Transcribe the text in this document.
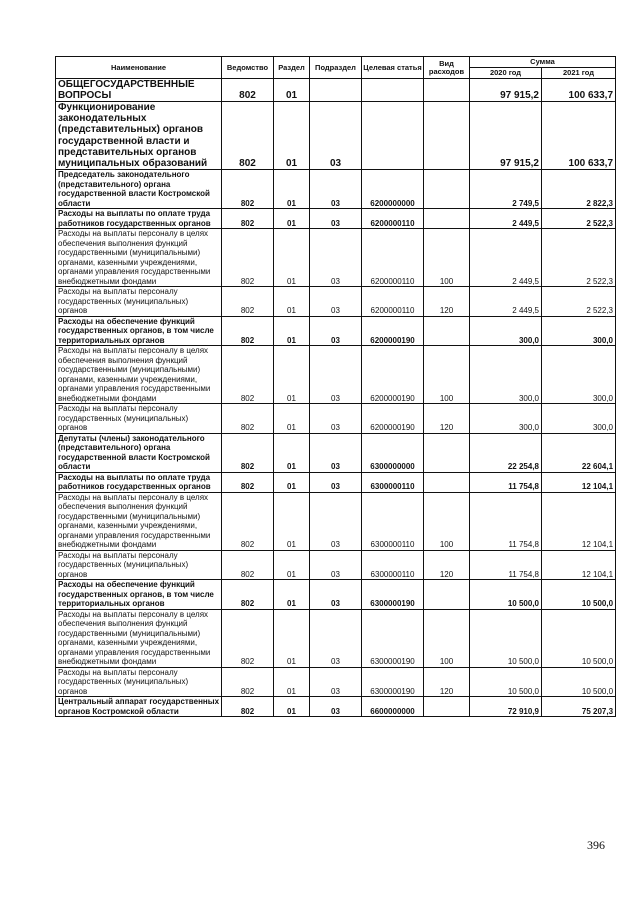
Наименование	Ведомство	Раздел	Подраздел	Целевая статья	Вид расходов	Сумма	
						2020 год	2021 год
ОБЩЕГОСУДАРСТВЕННЫЕ ВОПРОСЫ	802	01				97 915,2	100 633,7
Функционирование законодательных (представительных) органов государственной власти и представительных органов муниципальных образований	802	01	03			97 915,2	100 633,7
Председатель законодательного (представительного) органа государственной власти Костромской области	802	01	03	6200000000		2 749,5	2 822,3
Расходы на выплаты по оплате труда работников государственных органов	802	01	03	6200000110		2 449,5	2 522,3
Расходы на выплаты персоналу в целях обеспечения выполнения функций государственными (муниципальными) органами, казенными учреждениями, органами управления государственными внебюджетными фондами	802	01	03	6200000110	100	2 449,5	2 522,3
Расходы на выплаты персоналу государственных (муниципальных) органов	802	01	03	6200000110	120	2 449,5	2 522,3
Расходы на обеспечение функций государственных органов, в том числе территориальных органов	802	01	03	6200000190		300,0	300,0
Расходы на выплаты персоналу в целях обеспечения выполнения функций государственными (муниципальными) органами, казенными учреждениями, органами управления государственными внебюджетными фондами	802	01	03	6200000190	100	300,0	300,0
Расходы на выплаты персоналу государственных (муниципальных) органов	802	01	03	6200000190	120	300,0	300,0
Депутаты (члены) законодательного (представительного) органа государственной власти Костромской области	802	01	03	6300000000		22 254,8	22 604,1
Расходы на выплаты по оплате труда работников государственных органов	802	01	03	6300000110		11 754,8	12 104,1
Расходы на выплаты персоналу в целях обеспечения выполнения функций государственными (муниципальными) органами, казенными учреждениями, органами управления государственными внебюджетными фондами	802	01	03	6300000110	100	11 754,8	12 104,1
Расходы на выплаты персоналу государственных (муниципальных) органов	802	01	03	6300000110	120	11 754,8	12 104,1
Расходы на обеспечение функций государственных органов, в том числе территориальных органов	802	01	03	6300000190		10 500,0	10 500,0
Расходы на выплаты персоналу в целях обеспечения выполнения функций государственными (муниципальными) органами, казенными учреждениями, органами управления государственными внебюджетными фондами	802	01	03	6300000190	100	10 500,0	10 500,0
Расходы на выплаты персоналу государственных (муниципальных) органов	802	01	03	6300000190	120	10 500,0	10 500,0
Центральный аппарат государственных органов Костромской области	802	01	03	6600000000		72 910,9	75 207,3
396
